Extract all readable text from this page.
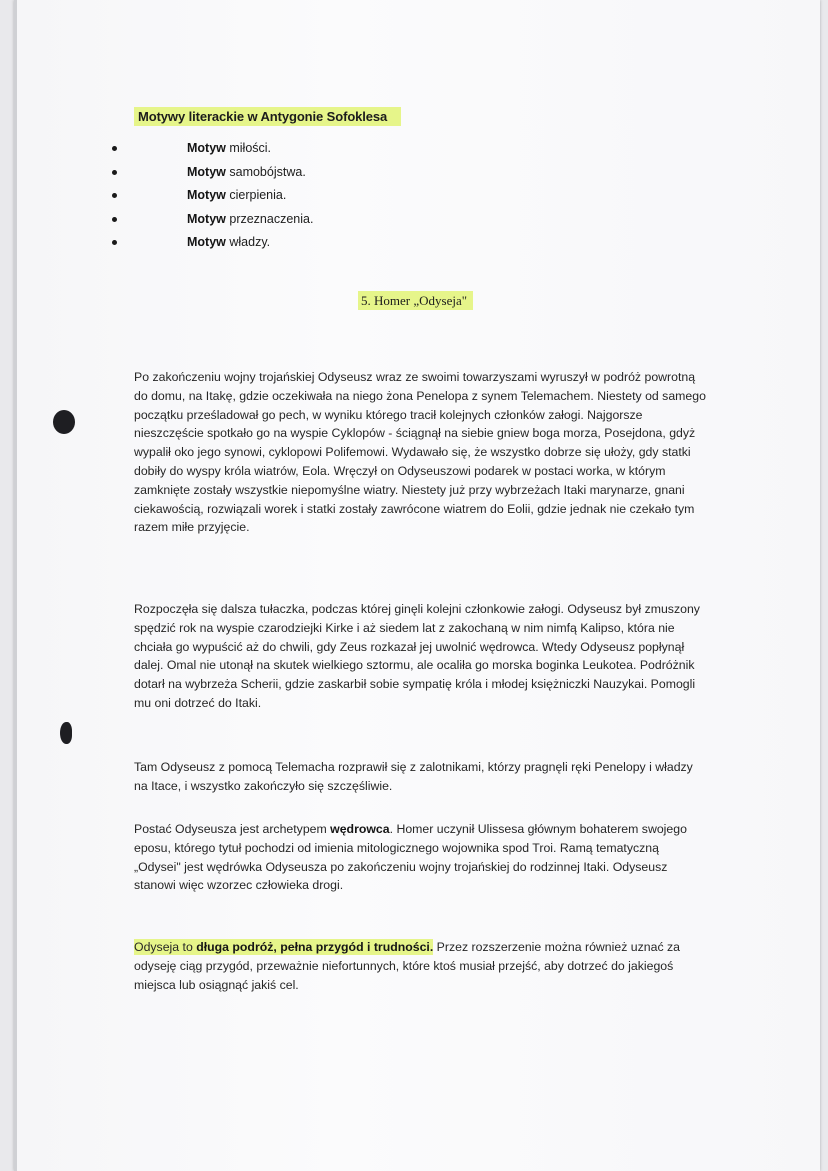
Motywy literackie w Antygonie Sofoklesa
Motyw miłości.
Motyw samobójstwa.
Motyw cierpienia.
Motyw przeznaczenia.
Motyw władzy.
5. Homer „Odyseja"

Po zakończeniu wojny trojańskiej Odyseusz wraz ze swoimi towarzyszami wyruszył w podróż powrotną do domu, na Itakę, gdzie oczekiwała na niego żona Penelopa z synem Telemachem. Niestety od samego początku prześladował go pech, w wyniku którego tracił kolejnych członków załogi. Najgorsze nieszczęście spotkało go na wyspie Cyklopów - ściągnął na siebie gniew boga morza, Posejdona, gdyż wypalił oko jego synowi, cyklopowi Polifemowi. Wydawało się, że wszystko dobrze się ułoży, gdy statki dobiły do wyspy króla wiatrów, Eola. Wręczył on Odyseuszowi podarek w postaci worka, w którym zamknięte zostały wszystkie niepomyślne wiatry. Niestety już przy wybrzeżach Itaki marynarze, gnani ciekawością, rozwiązali worek i statki zostały zawrócone wiatrem do Eolii, gdzie jednak nie czekało tym razem miłe przyjęcie.

Rozpoczęła się dalsza tułaczka, podczas której ginęli kolejni członkowie załogi. Odyseusz był zmuszony spędzić rok na wyspie czarodziejki Kirke i aż siedem lat z zakochaną w nim nimfą Kalipso, która nie chciała go wypuścić aż do chwili, gdy Zeus rozkazał jej uwolnić wędrowca. Wtedy Odyseusz popłynął dalej. Omal nie utonął na skutek wielkiego sztormu, ale ocaliła go morska boginka Leukotea. Podróżnik dotarł na wybrzeża Scherii, gdzie zaskarbił sobie sympatię króla i młodej księżniczki Nauzykai. Pomogli mu oni dotrzeć do Itaki.

Tam Odyseusz z pomocą Telemacha rozprawił się z zalotnikami, którzy pragnęli ręki Penelopy i władzy na Itace, i wszystko zakończyło się szczęśliwie.

Postać Odyseusza jest archetypem wędrowca. Homer uczynił Ulissesa głównym bohaterem swojego eposu, którego tytuł pochodzi od imienia mitologicznego wojownika spod Troi. Ramą tematyczną „Odysei" jest wędrówka Odyseusza po zakończeniu wojny trojańskiej do rodzinnej Itaki. Odyseusz stanowi więc wzorzec człowieka drogi.

Odyseja to długa podróż, pełna przygód i trudności. Przez rozszerzenie można również uznać za odyseję ciąg przygód, przeważnie niefortunnych, które ktoś musiał przejść, aby dotrzeć do jakiegoś miejsca lub osiągnąć jakiś cel.
